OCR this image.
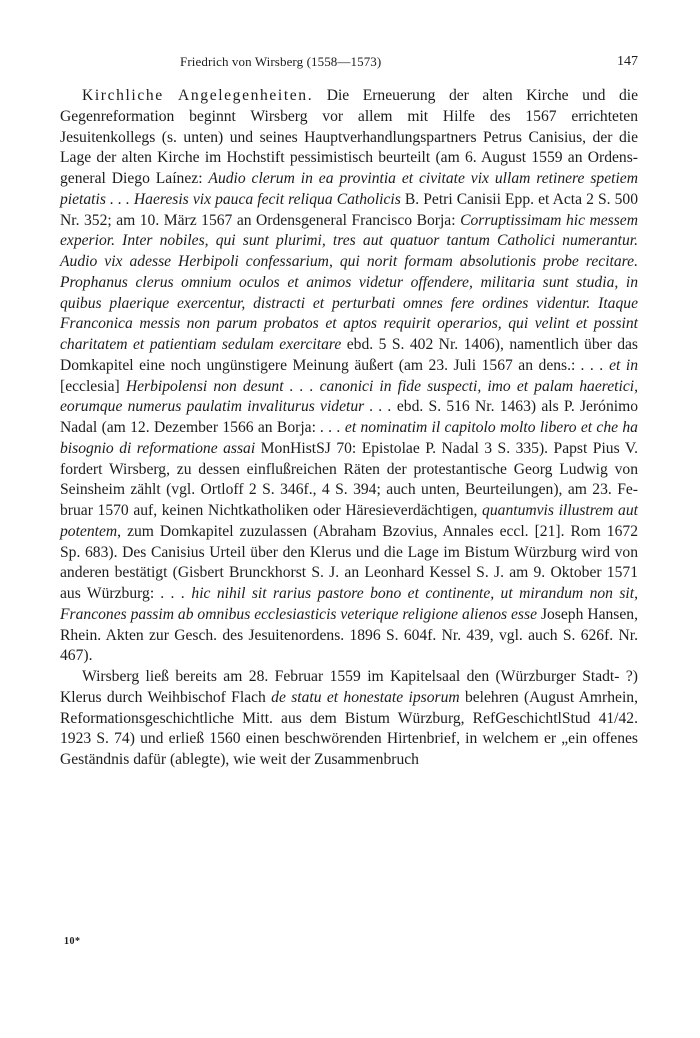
Friedrich von Wirsberg (1558—1573)	147

Kirchliche Angelegenheiten. Die Erneuerung der alten Kirche und die Gegenreformation beginnt Wirsberg vor allem mit Hilfe des 1567 errichteten Jesuitenkollegs (s. unten) und seines Hauptverhandlungspartners Petrus Canisius, der die Lage der alten Kirche im Hochstift pessimistisch beurteilt (am 6. August 1559 an Ordensgeneral Diego Laínez: Audio clerum in ea provintia et civitate vix ullam retinere spetiem pietatis . . . Haeresis vix pauca fecit reliqua Catholicis B. Petri Canisii Epp. et Acta 2 S. 500 Nr. 352; am 10. März 1567 an Ordensgeneral Francisco Borja: Corruptissimam hic messem experior. Inter nobiles, qui sunt plurimi, tres aut quatuor tantum Catholici numerantur. Audio vix adesse Herbipoli confessarium, qui norit formam absolutionis probe recitare. Prophanus clerus omnium oculos et animos videtur offendere, militaria sunt studia, in quibus plaerique exercentur, distracti et perturbati omnes fere ordines videntur. Itaque Franconica messis non parum probatos et aptos requirit operarios, qui velint et possint charitatem et patientiam sedulam exercitare ebd. 5 S. 402 Nr. 1406), namentlich über das Domkapitel eine noch ungünstigere Meinung äußert (am 23. Juli 1567 an dens.: . . . et in [ecclesia] Herbipolensi non desunt . . . canonici in fide suspecti, imo et palam haeretici, eorumque numerus paulatim invaliturus videtur . . . ebd. S. 516 Nr. 1463) als P. Jerónimo Nadal (am 12. Dezember 1566 an Borja: . . . et nominatim il capitolo molto libero et che ha bisognio di reformatione assai MonHistSJ 70: Epistolae P. Nadal 3 S. 335). Papst Pius V. fordert Wirsberg, zu dessen einflußreichen Räten der protestantische Georg Ludwig von Seinsheim zählt (vgl. Ortloff 2 S. 346f., 4 S. 394; auch unten, Beurteilungen), am 23. Februar 1570 auf, keinen Nichtkatholiken oder Häresieverdächtigen, quantumvis illustrem aut potentem, zum Domkapitel zuzulassen (Abraham Bzovius, Annales eccl. [21]. Rom 1672 Sp. 683). Des Canisius Urteil über den Klerus und die Lage im Bistum Würzburg wird von anderen bestätigt (Gisbert Brunckhorst S. J. an Leonhard Kessel S. J. am 9. Oktober 1571 aus Würzburg: . . . hic nihil sit rarius pastore bono et continente, ut mirandum non sit, Francones passim ab omnibus ecclesiasticis veterique religione alienos esse Joseph Hansen, Rhein. Akten zur Gesch. des Jesuitenordens. 1896 S. 604f. Nr. 439, vgl. auch S. 626f. Nr. 467).

Wirsberg ließ bereits am 28. Februar 1559 im Kapitelsaal den (Würzburger Stadt- ?) Klerus durch Weihbischof Flach de statu et honestate ipsorum belehren (August Amrhein, Reformationsgeschichtliche Mitt. aus dem Bistum Würzburg, RefGeschichtlStud 41/42. 1923 S. 74) und erließ 1560 einen beschwörenden Hirtenbrief, in welchem er „ein offenes Geständnis dafür (ablegte), wie weit der Zusammenbruch

10*
